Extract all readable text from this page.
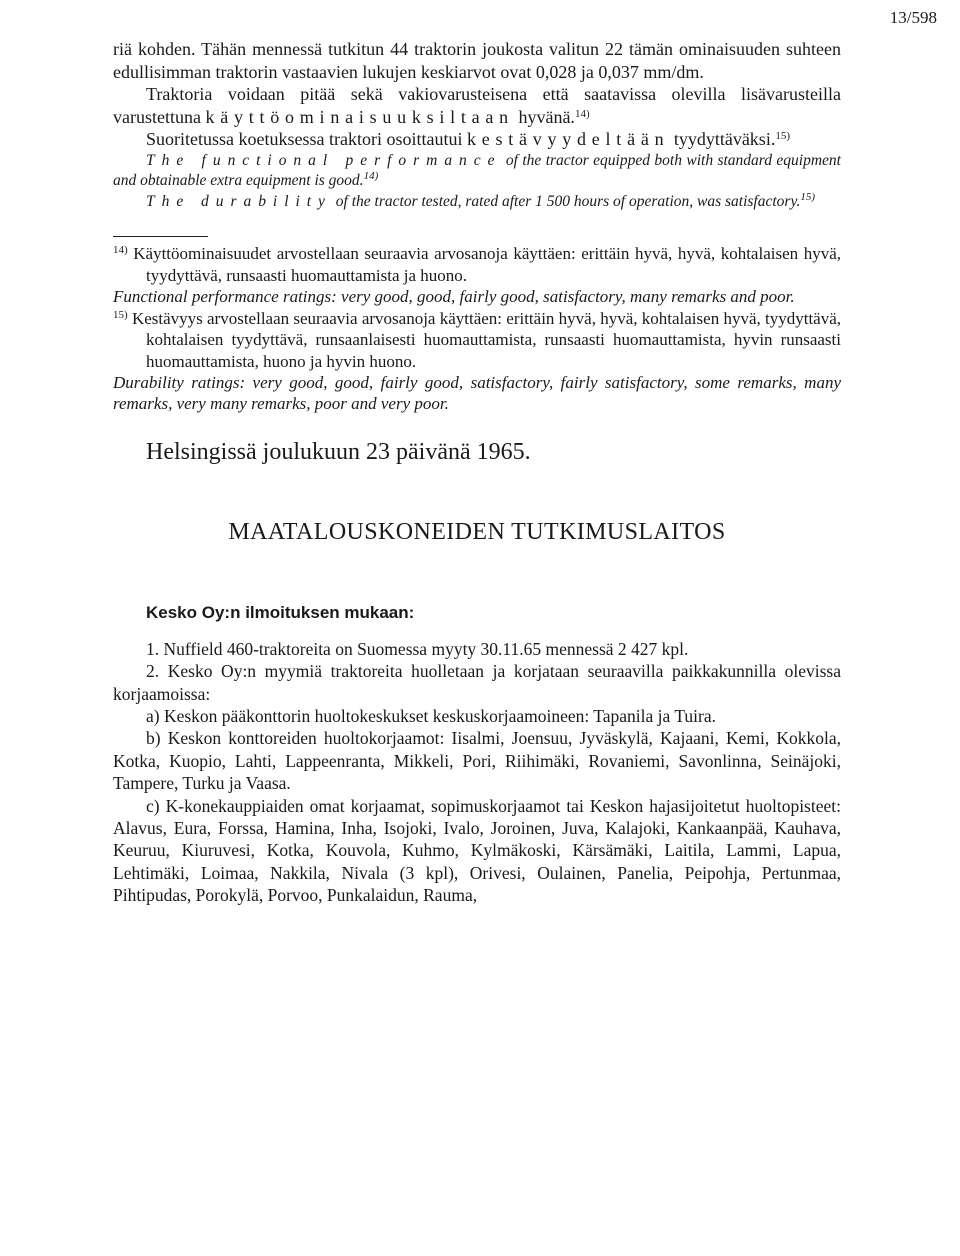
13/598

riä kohden. Tähän mennessä tutkitun 44 traktorin joukosta valitun 22 tämän ominaisuuden suhteen edullisimman traktorin vastaavien lukujen keskiarvot ovat 0,028 ja 0,037 mm/dm.

Traktoria voidaan pitää sekä vakiovarusteisena että saatavissa olevilla lisävarusteilla varustettuna käyttöominaisuuksiltaan hyvänä.$^{14)}$

Suoritetussa koetuksessa traktori osoittautui kestävyydeltään tyydyttäväksi.$^{15)}$

The functional performance of the tractor equipped both with standard equipment and obtainable extra equipment is good.$^{14)}$

The durability of the tractor tested, rated after 1 500 hours of operation, was satisfactory.$^{15)}$

$^{14)}$ Käyttöominaisuudet arvostellaan seuraavia arvosanoja käyttäen: erittäin hyvä, hyvä, kohtalaisen hyvä, tyydyttävä, runsaasti huomauttamista ja huono.

Functional performance ratings: very good, good, fairly good, satisfactory, many remarks and poor.

$^{15)}$ Kestävyys arvostellaan seuraavia arvosanoja käyttäen: erittäin hyvä, hyvä, kohtalaisen hyvä, tyydyttävä, kohtalaisen tyydyttävä, runsaanlaisesti huomauttamista, runsaasti huomauttamista, hyvin runsaasti huomauttamista, huono ja hyvin huono.

Durability ratings: very good, good, fairly good, satisfactory, fairly satisfactory, some remarks, many remarks, very many remarks, poor and very poor.

Helsingissä joulukuun 23 päivänä 1965.
MAATALOUSKONEIDEN TUTKIMUSLAITOS
Kesko Oy:n ilmoituksen mukaan:

1. Nuffield 460-traktoreita on Suomessa myyty 30.11.65 mennessä 2 427 kpl.

2. Kesko Oy:n myymiä traktoreita huolletaan ja korjataan seuraavilla paikkakunnilla olevissa korjaamoissa:

a) Keskon pääkonttorin huoltokeskukset keskuskorjaamoineen: Tapanila ja Tuira.

b) Keskon konttoreiden huoltokorjaamot: Iisalmi, Joensuu, Jyväskylä, Kajaani, Kemi, Kokkola, Kotka, Kuopio, Lahti, Lappeenranta, Mikkeli, Pori, Riihimäki, Rovaniemi, Savonlinna, Seinäjoki, Tampere, Turku ja Vaasa.

c) K-konekauppiaiden omat korjaamat, sopimuskorjaamot tai Keskon hajasijoitetut huoltopisteet: Alavus, Eura, Forssa, Hamina, Inha, Isojoki, Ivalo, Joroinen, Juva, Kalajoki, Kankaanpää, Kauhava, Keuruu, Kiuruvesi, Kotka, Kouvola, Kuhmo, Kylmäkoski, Kärsämäki, Laitila, Lammi, Lapua, Lehtimäki, Loimaa, Nakkila, Nivala (3 kpl), Orivesi, Oulainen, Panelia, Peipohja, Pertunmaa, Pihtipudas, Porokylä, Porvoo, Punkalaidun, Rauma,
